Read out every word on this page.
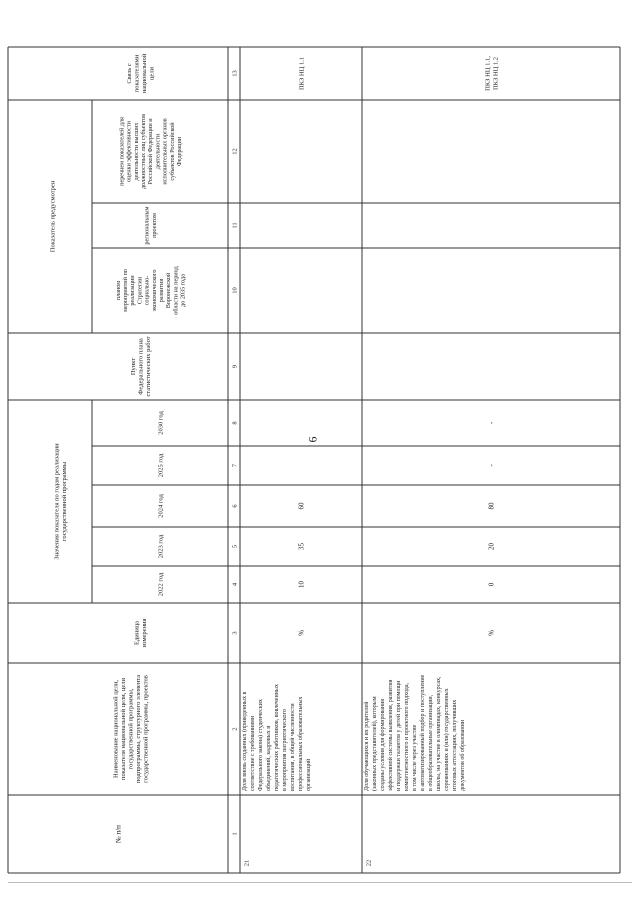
6
№ п/п
Наименование национальной цели,показателя национальной цели, целигосударственной программы,подпрограммы, структурного элементагосударственной программы, проектов
Единицаизмерения
Значения показателя по годам реализациигосударственной программы
2022 год
2023 год
2024 год
2025 год
2030 год
ПунктФедерального планастатистических работ
Показатель предусмотрен
планоммероприятий пореализацииСтратегиисоциально-экономическогоразвитияВоронежскойобласти на периоддо 2035 года
региональнымпроектом
перечнем показателей дляоценки эффективностидеятельности высшихдолжностных лиц субъектовРоссийской Федерации идеятельностиисполнительных органовсубъектов РоссийскойФедерации
Связь споказателяминациональнойцели
1
2
3
4
5
6
7
8
9
10
11
12
13
21
Доля вновь созданных (приведенных в соответствие с требованиями Федерального закона) студенческих объединений, кадровых и педагогических работников, вовлеченных в мероприятия патриотического воспитания, в общей численности профессиональных образовательных организаций
%
10
35
60
ПКЗ НЦ 1.1
22
Доля обучающихся и их родителей (законных представителей), которым созданы условия для формирования эффективной системы выявления, развития и поддержки талантов у детей при помощи компетентностного и проектного подхода, в том числе через участие в автоматизированный подбор и поступление в общеобразовательные организации, школы, на участие в олимпиадах, конкурсах, соревнованиях и (или) государственных итоговых аттестациях, получивших документов об образовании
%
0
20
80
-
-
ПКЗ НЦ 1.1,ПКЗ НЦ 1.2
